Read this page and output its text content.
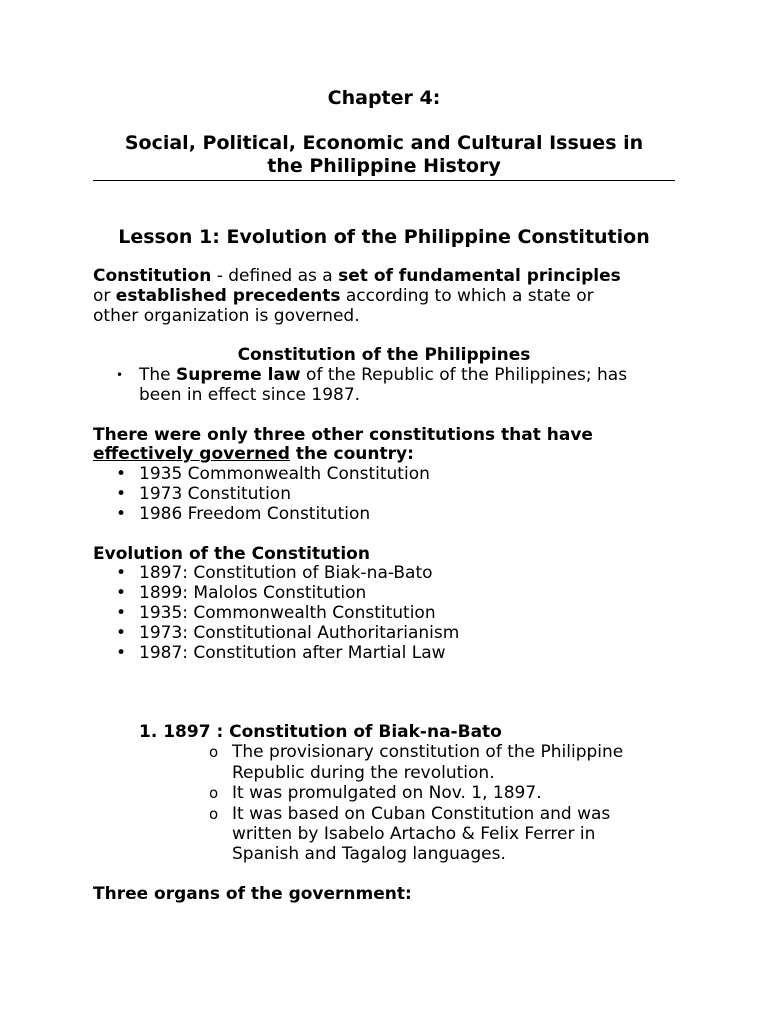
Chapter 4:
Social, Political, Economic and Cultural Issues in
the Philippine History
Lesson 1: Evolution of the Philippine Constitution
Constitution - defined as a set of fundamental principles
or established precedents according to which a state or
other organization is governed.
Constitution of the Philippines
• The Supreme law of the Republic of the Philippines; has
been in effect since 1987.
There were only three other constitutions that have
effectively governed the country:
• 1935 Commonwealth Constitution
• 1973 Constitution
• 1986 Freedom Constitution
Evolution of the Constitution
• 1897: Constitution of Biak-na-Bato
• 1899: Malolos Constitution
• 1935: Commonwealth Constitution
• 1973: Constitutional Authoritarianism
• 1987: Constitution after Martial Law
1. 1897 : Constitution of Biak-na-Bato
o The provisionary constitution of the Philippine
Republic during the revolution.
o It was promulgated on Nov. 1, 1897.
o It was based on Cuban Constitution and was
written by Isabelo Artacho & Felix Ferrer in
Spanish and Tagalog languages.
Three organs of the government:
